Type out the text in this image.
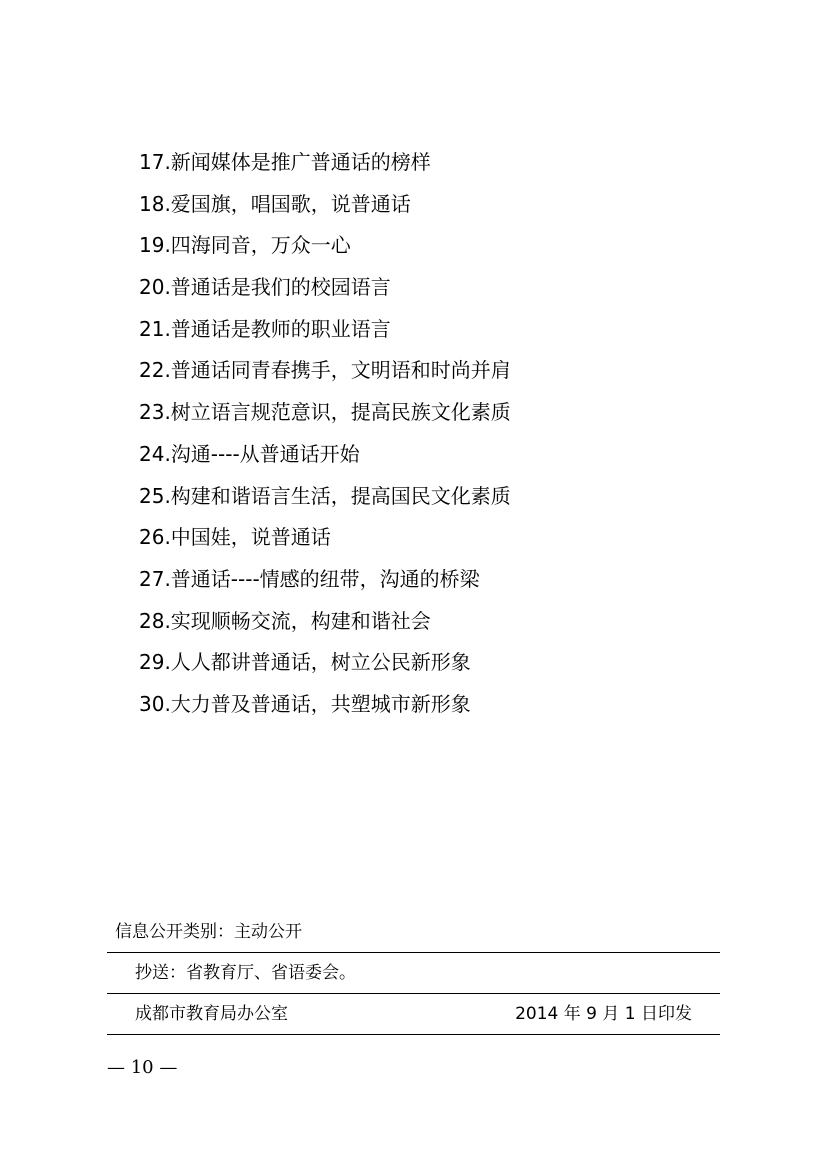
17.新闻媒体是推广普通话的榜样
18.爱国旗，唱国歌，说普通话
19.四海同音，万众一心
20.普通话是我们的校园语言
21.普通话是教师的职业语言
22.普通话同青春携手，文明语和时尚并肩
23.树立语言规范意识，提高民族文化素质
24.沟通----从普通话开始
25.构建和谐语言生活，提高国民文化素质
26.中国娃，说普通话
27.普通话----情感的纽带，沟通的桥梁
28.实现顺畅交流，构建和谐社会
29.人人都讲普通话，树立公民新形象
30.大力普及普通话，共塑城市新形象
信息公开类别：主动公开
抄送：省教育厅、省语委会。
成都市教育局办公室	2014 年 9 月 1 日印发
— 10 —
